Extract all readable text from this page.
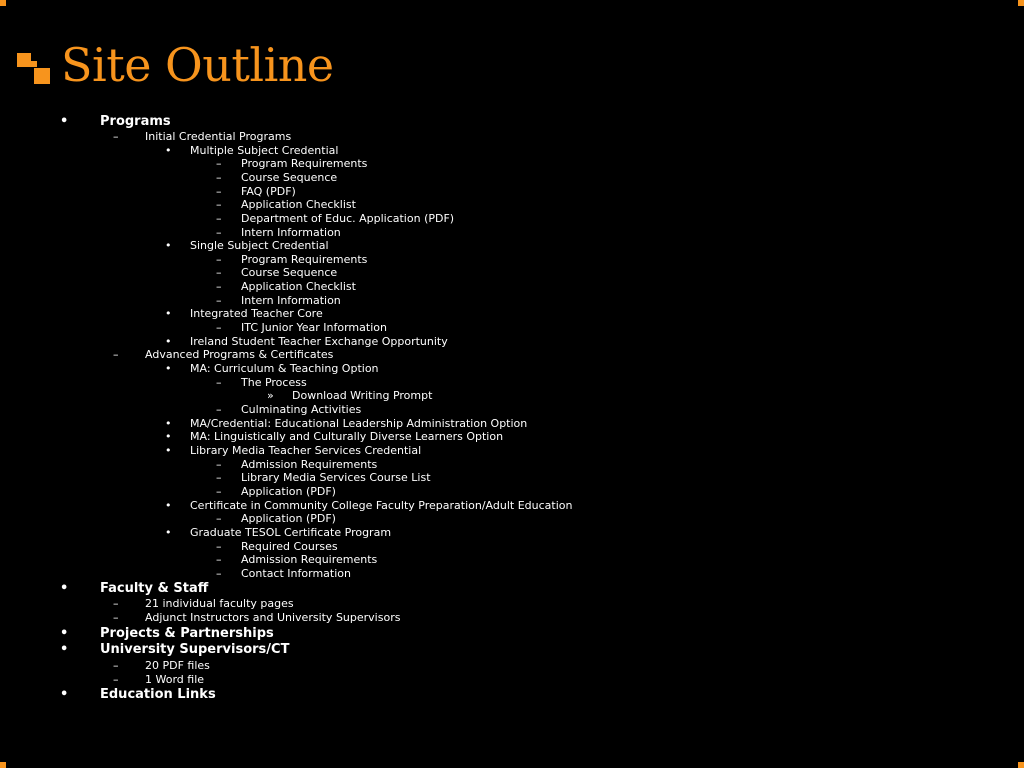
Site Outline
• Programs
– Initial Credential Programs
• Multiple Subject Credential
– Program Requirements
– Course Sequence
– FAQ (PDF)
– Application Checklist
– Department of Educ. Application (PDF)
– Intern Information
• Single Subject Credential
– Program Requirements
– Course Sequence
– Application Checklist
– Intern Information
• Integrated Teacher Core
– ITC Junior Year Information
• Ireland Student Teacher Exchange Opportunity
– Advanced Programs & Certificates
• MA: Curriculum & Teaching Option
– The Process
» Download Writing Prompt
– Culminating Activities
• MA/Credential: Educational Leadership Administration Option
• MA: Linguistically and Culturally Diverse Learners Option
• Library Media Teacher Services Credential
– Admission Requirements
– Library Media Services Course List
– Application (PDF)
• Certificate in Community College Faculty Preparation/Adult Education
– Application (PDF)
• Graduate TESOL Certificate Program
– Required Courses
– Admission Requirements
– Contact Information
• Faculty & Staff
– 21 individual faculty pages
– Adjunct Instructors and University Supervisors
• Projects & Partnerships
• University Supervisors/CT
– 20 PDF files
– 1 Word file
• Education Links
